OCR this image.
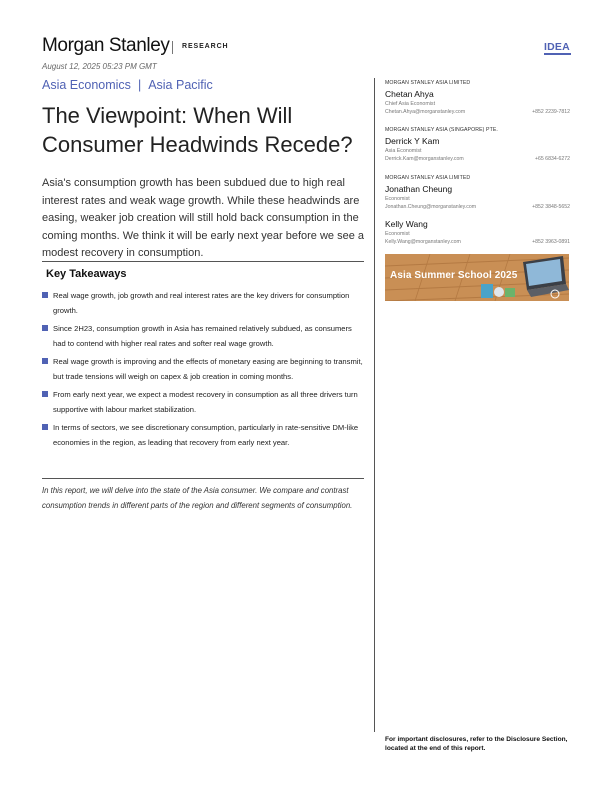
Morgan Stanley RESEARCH	IDEA
August 12, 2025 05:23 PM GMT
Asia Economics | Asia Pacific
The Viewpoint: When Will Consumer Headwinds Recede?
Asia's consumption growth has been subdued due to high real interest rates and weak wage growth. While these headwinds are easing, weaker job creation will still hold back consumption in the coming months. We think it will be early next year before we see a modest recovery in consumption.
Key Takeaways
Real wage growth, job growth and real interest rates are the key drivers for consumption growth.
Since 2H23, consumption growth in Asia has remained relatively subdued, as consumers had to contend with higher real rates and softer real wage growth.
Real wage growth is improving and the effects of monetary easing are beginning to transmit, but trade tensions will weigh on capex & job creation in coming months.
From early next year, we expect a modest recovery in consumption as all three drivers turn supportive with labour market stabilization.
In terms of sectors, we see discretionary consumption, particularly in rate-sensitive DM-like economies in the region, as leading that recovery from early next year.
In this report, we will delve into the state of the Asia consumer. We compare and contrast consumption trends in different parts of the region and different segments of consumption.
MORGAN STANLEY ASIA LIMITED
Chetan Ahya
Chief Asia Economist
Chetan.Ahya@morganstanley.com	+852 2239-7812
MORGAN STANLEY ASIA (SINGAPORE) PTE.
Derrick Y Kam
Asia Economist
Derrick.Kam@morganstanley.com	+65 6834-6272
MORGAN STANLEY ASIA LIMITED
Jonathan Cheung
Economist
Jonathan.Cheung@morganstanley.com	+852 3848-5652
Kelly Wang
Economist
Kelly.Wang@morganstanley.com	+852 3963-0891
Asia Summer School 2025
For important disclosures, refer to the Disclosure Section, located at the end of this report.
